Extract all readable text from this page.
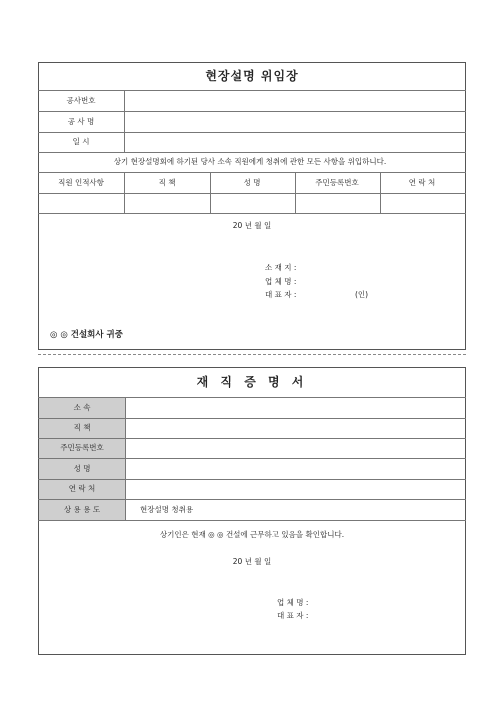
현장설명 위임장
공사번호
공 사 명
일 시
상기 현장설명회에 하기된 당사 소속 직원에게 청취에 관한 모든 사항을 위입하니다.
직원 인적사항	직 책	성 명	주민등록번호	연 락 처
20 년 월 일
소 재 지 :
업 체 명 :
대 표 자 :	(인)
◎ ◎ 건설회사 귀중
재 직 증 명 서
소 속
직 책
주민등록번호
성 명
연 락 처
상 용 용 도	현장설명 청취용
상기인은 현재 ◎ ◎ 건설에 근무하고 있음을 확인합니다.
20 년 월 일
업 체 명 :
대 표 자 :
